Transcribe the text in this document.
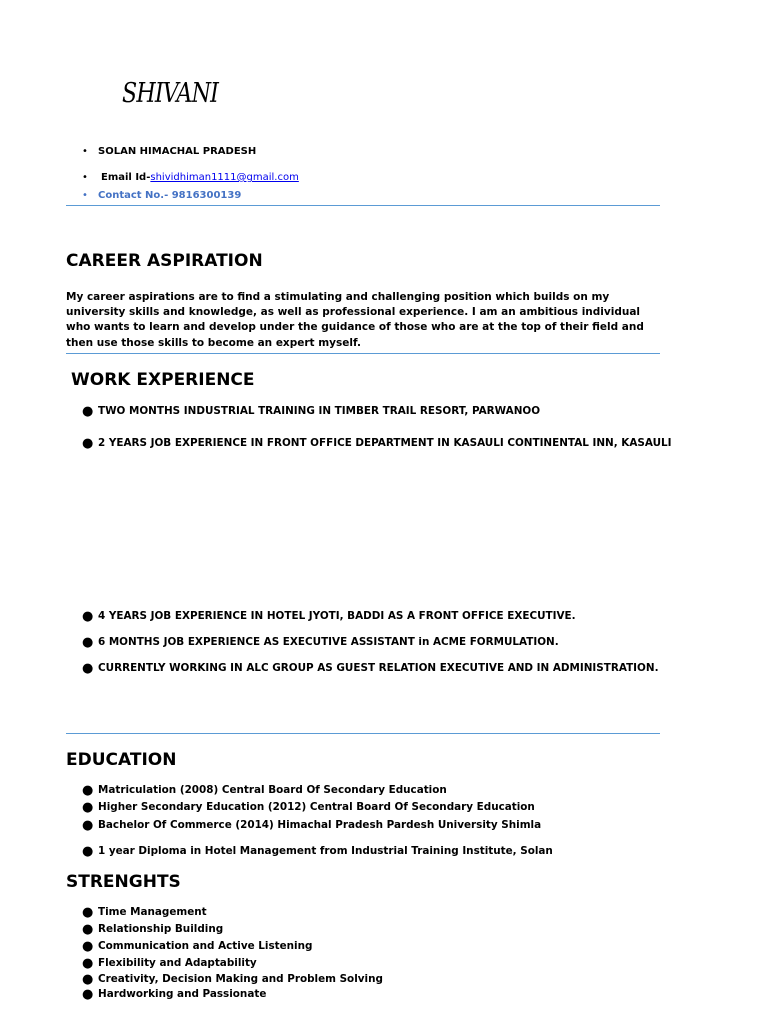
SHIVANI
• SOLAN HIMACHAL PRADESH
• Email Id-shividhiman1111@gmail.com
• Contact No.- 9816300139
CAREER ASPIRATION
My career aspirations are to find a stimulating and challenging position which builds on my university skills and knowledge, as well as professional experience. I am an ambitious individual who wants to learn and develop under the guidance of those who are at the top of their field and then use those skills to become an expert myself.
WORK EXPERIENCE
● TWO MONTHS INDUSTRIAL TRAINING IN TIMBER TRAIL RESORT, PARWANOO
● 2 YEARS JOB EXPERIENCE IN FRONT OFFICE DEPARTMENT IN KASAULI CONTINENTAL INN, KASAULI
● 4 YEARS JOB EXPERIENCE IN HOTEL JYOTI, BADDI AS A FRONT OFFICE EXECUTIVE.
● 6 MONTHS JOB EXPERIENCE AS EXECUTIVE ASSISTANT in ACME FORMULATION.
● CURRENTLY WORKING IN ALC GROUP AS GUEST RELATION EXECUTIVE AND IN ADMINISTRATION.
EDUCATION
● Matriculation (2008) Central Board Of Secondary Education
● Higher Secondary Education (2012) Central Board Of Secondary Education
● Bachelor Of Commerce (2014) Himachal Pradesh Pardesh University Shimla
● 1 year Diploma in Hotel Management from Industrial Training Institute, Solan
STRENGHTS
● Time Management
● Relationship Building
● Communication and Active Listening
● Flexibility and Adaptability
● Creativity, Decision Making and Problem Solving
● Hardworking and Passionate
